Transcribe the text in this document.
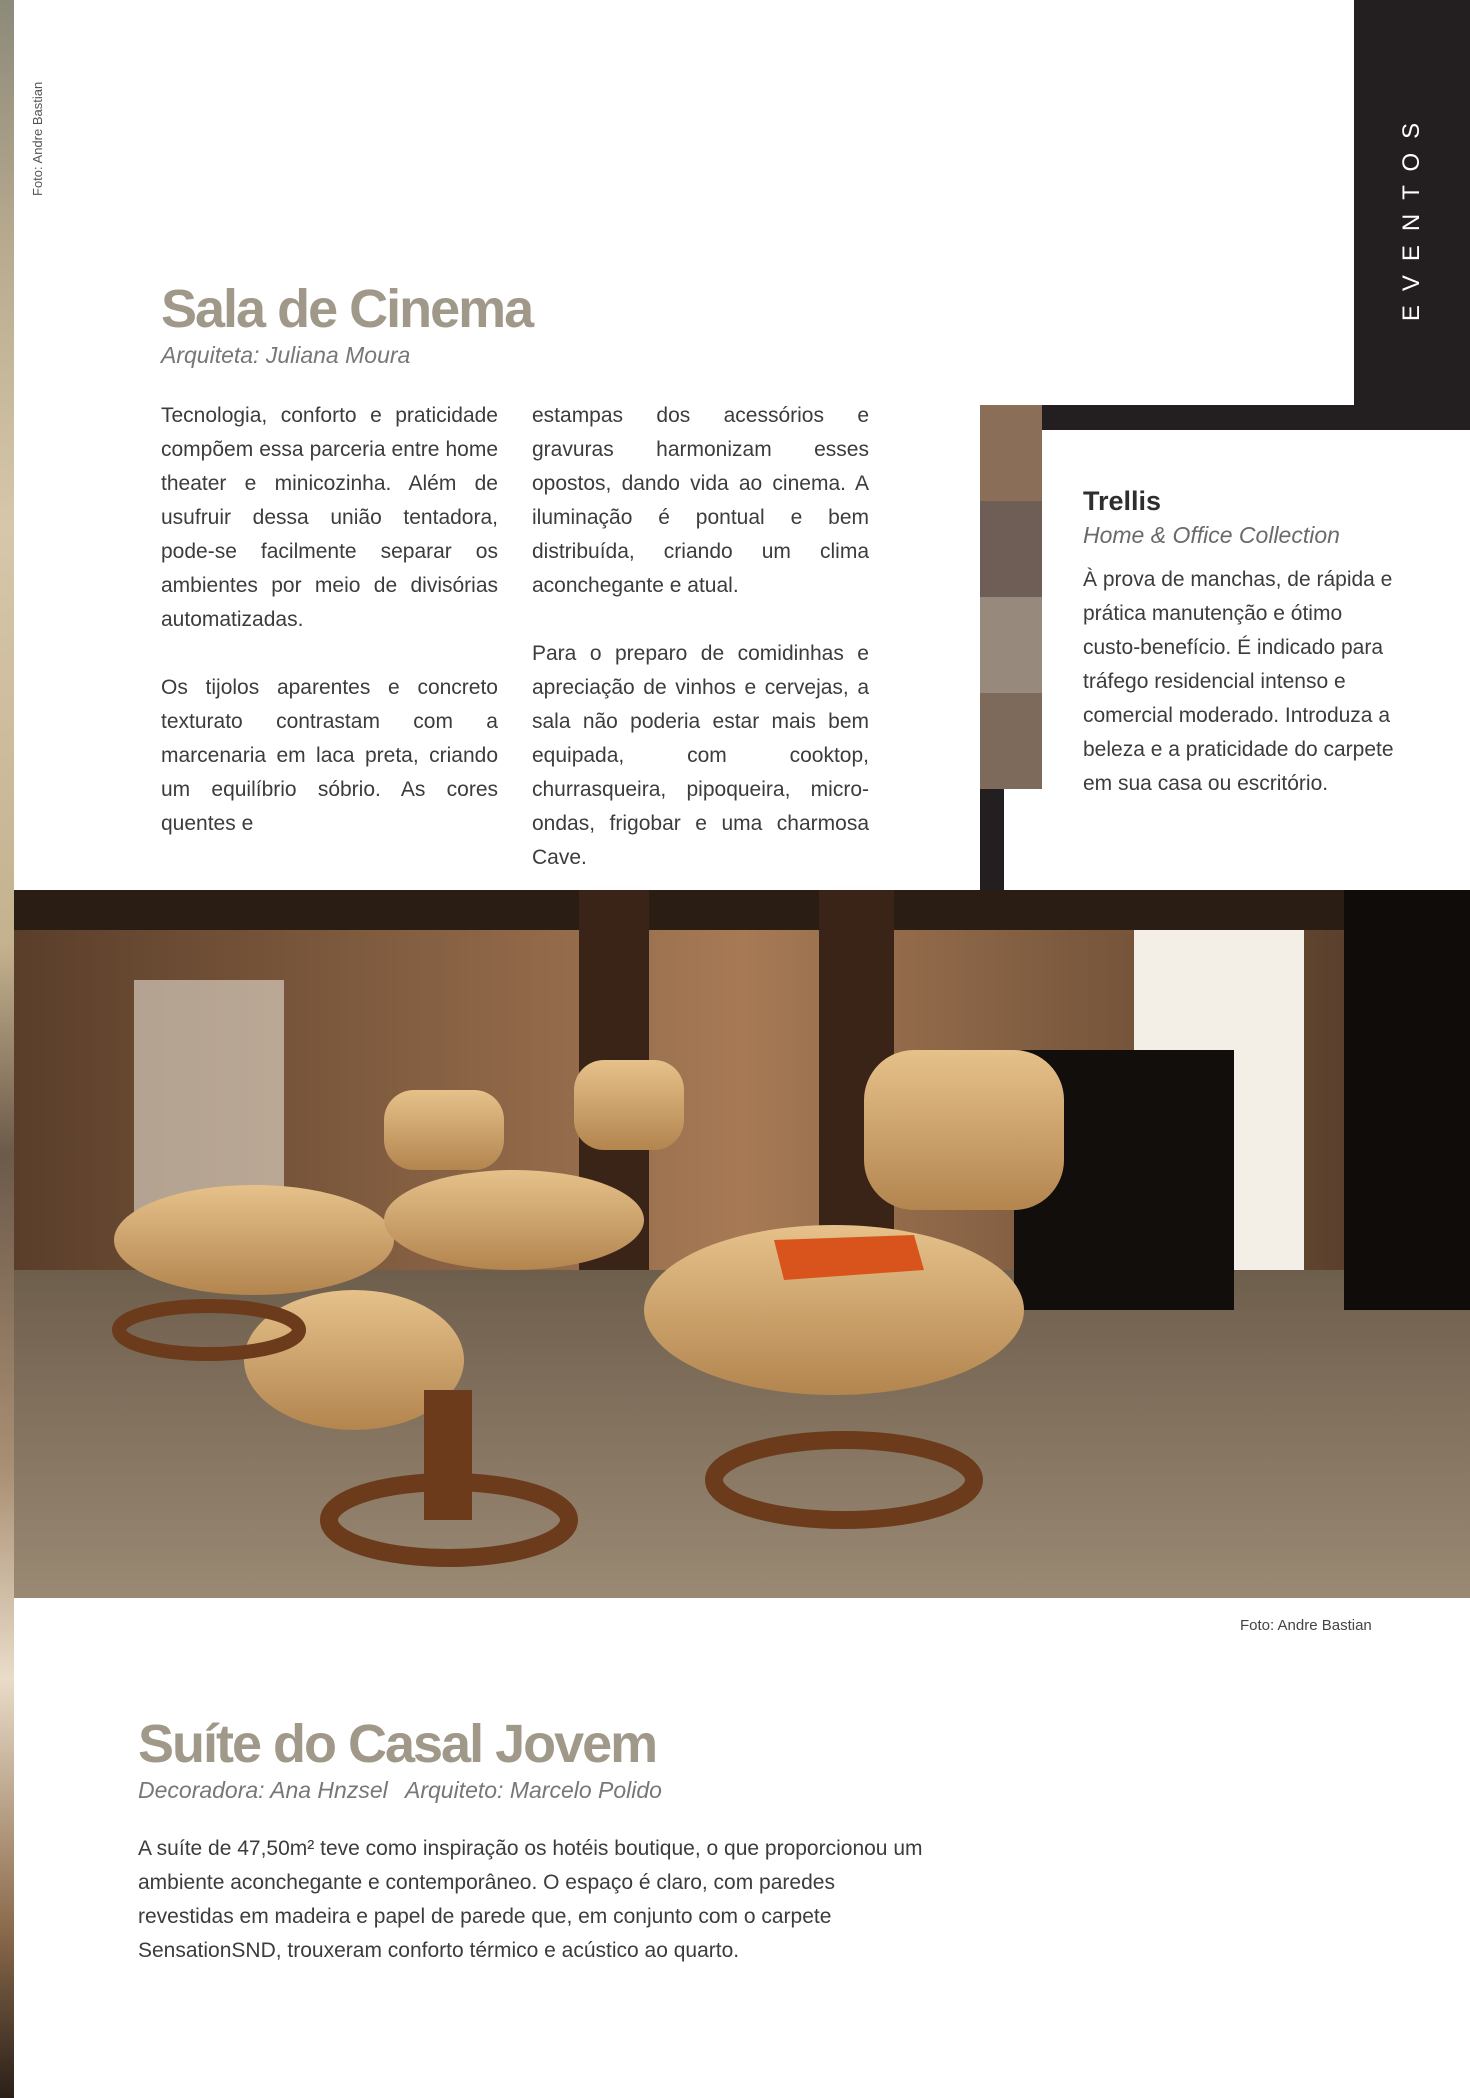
Foto: Andre Bastian	EVENTOS
Sala de Cinema
Arquiteta: Juliana Moura

Tecnologia, conforto e praticidade compõem essa parceria entre home theater e minicozinha. Além de usufruir dessa união tentadora, pode-se facilmente separar os ambientes por meio de divisórias automatizadas.

Os tijolos aparentes e concreto texturato contrastam com a marcenaria em laca preta, criando um equilíbrio sóbrio. As cores quentes e

estampas dos acessórios e gravuras harmonizam esses opostos, dando vida ao cinema. A iluminação é pontual e bem distribuída, criando um clima aconchegante e atual.

Para o preparo de comidinhas e apreciação de vinhos e cervejas, a sala não poderia estar mais bem equipada, com cooktop, churrasqueira, pipoqueira, micro-ondas, frigobar e uma charmosa Cave.

Trellis
Home & Office Collection
À prova de manchas, de rápida e prática manutenção e ótimo custo-benefício. É indicado para tráfego residencial intenso e comercial moderado. Introduza a beleza e a praticidade do carpete em sua casa ou escritório.
Foto: Andre Bastian
Suíte do Casal Jovem
Decoradora: Ana Hnzsel Arquiteto: Marcelo Polido
A suíte de 47,50m² teve como inspiração os hotéis boutique, o que proporcionou um ambiente aconchegante e contemporâneo. O espaço é claro, com paredes revestidas em madeira e papel de parede que, em conjunto com o carpete SensationSND, trouxeram conforto térmico e acústico ao quarto.
